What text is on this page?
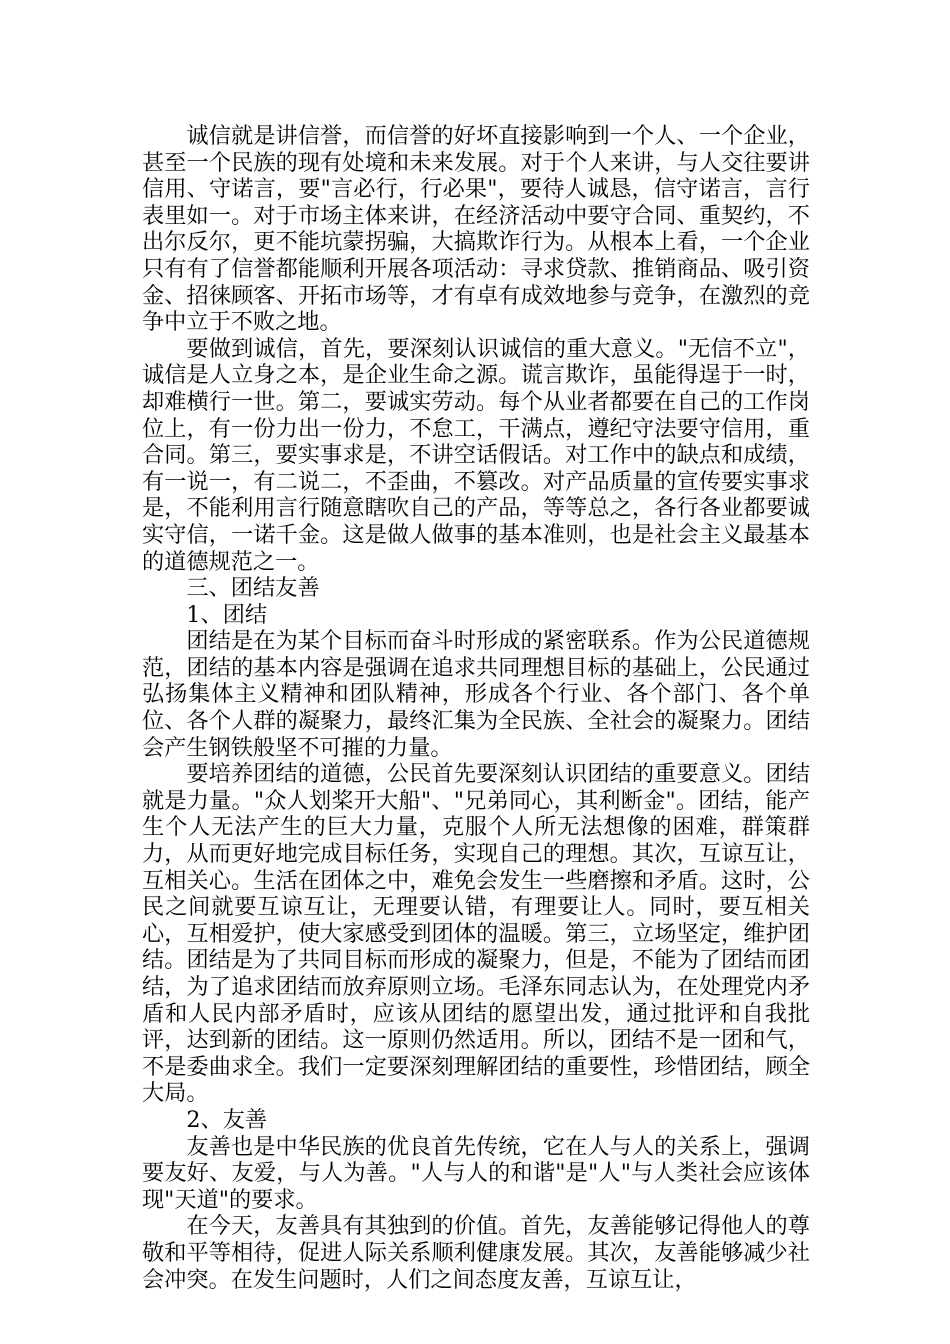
诚信就是讲信誉，而信誉的好坏直接影响到一个人、一个企业，甚至一个民族的现有处境和未来发展。对于个人来讲，与人交往要讲信用、守诺言，要"言必行，行必果"，要待人诚恳，信守诺言，言行表里如一。对于市场主体来讲，在经济活动中要守合同、重契约，不出尔反尔，更不能坑蒙拐骗，大搞欺诈行为。从根本上看，一个企业只有有了信誉都能顺利开展各项活动：寻求贷款、推销商品、吸引资金、招徕顾客、开拓市场等，才有卓有成效地参与竞争，在激烈的竞争中立于不败之地。

要做到诚信，首先，要深刻认识诚信的重大意义。"无信不立"，诚信是人立身之本，是企业生命之源。谎言欺诈，虽能得逞于一时，却难横行一世。第二，要诚实劳动。每个从业者都要在自己的工作岗位上，有一份力出一份力，不怠工，干满点，遵纪守法要守信用，重合同。第三，要实事求是，不讲空话假话。对工作中的缺点和成绩，有一说一，有二说二，不歪曲，不篡改。对产品质量的宣传要实事求是，不能利用言行随意瞎吹自己的产品，等等总之，各行各业都要诚实守信，一诺千金。这是做人做事的基本准则，也是社会主义最基本的道德规范之一。

三、团结友善

1、团结

团结是在为某个目标而奋斗时形成的紧密联系。作为公民道德规范，团结的基本内容是强调在追求共同理想目标的基础上，公民通过弘扬集体主义精神和团队精神，形成各个行业、各个部门、各个单位、各个人群的凝聚力，最终汇集为全民族、全社会的凝聚力。团结会产生钢铁般坚不可摧的力量。

要培养团结的道德，公民首先要深刻认识团结的重要意义。团结就是力量。"众人划桨开大船"、"兄弟同心，其利断金"。团结，能产生个人无法产生的巨大力量，克服个人所无法想像的困难，群策群力，从而更好地完成目标任务，实现自己的理想。其次，互谅互让，互相关心。生活在团体之中，难免会发生一些磨擦和矛盾。这时，公民之间就要互谅互让，无理要认错，有理要让人。同时，要互相关心，互相爱护，使大家感受到团体的温暖。第三，立场坚定，维护团结。团结是为了共同目标而形成的凝聚力，但是，不能为了团结而团结，为了追求团结而放弃原则立场。毛泽东同志认为，在处理党内矛盾和人民内部矛盾时，应该从团结的愿望出发，通过批评和自我批评，达到新的团结。这一原则仍然适用。所以，团结不是一团和气，不是委曲求全。我们一定要深刻理解团结的重要性，珍惜团结，顾全大局。

2、友善

友善也是中华民族的优良首先传统，它在人与人的关系上，强调要友好、友爱，与人为善。"人与人的和谐"是"人"与人类社会应该体现"天道"的要求。

在今天，友善具有其独到的价值。首先，友善能够记得他人的尊敬和平等相待，促进人际关系顺利健康发展。其次，友善能够减少社会冲突。在发生问题时，人们之间态度友善，互谅互让，
